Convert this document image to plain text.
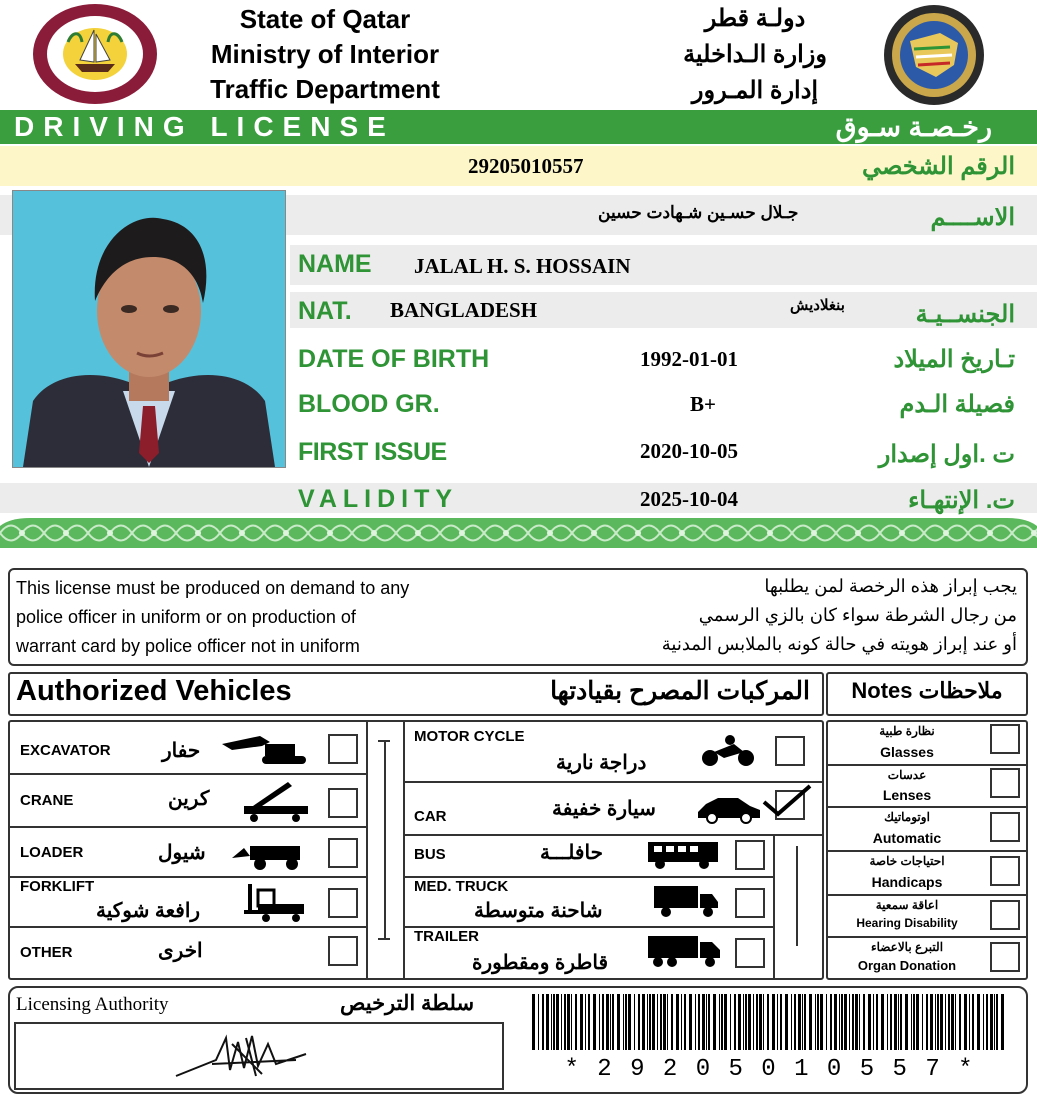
State of Qatar
Ministry of Interior
Traffic Department
دولـة قطر
وزارة الـداخلية
إدارة المـرور
DRIVING LICENSE	رخـصـة سـوق
29205010557	الرقم الشخصي
جـلال حسـين شـهادت حسين	الاســــم
NAME JALAL H. S. HOSSAIN
NAT. BANGLADESH	بنغلاديش	الجنســيـة
DATE OF BIRTH	1992-01-01	تـاريخ الميلاد
BLOOD GR.	B+	فصيلة الـدم
FIRST ISSUE	2020-10-05	ت .اول إصدار
VALIDITY	2025-10-04	ت. الإنتهـاء
This license must be produced on demand to any
police officer in uniform or on production of
warrant card by police officer not in uniform
يجب إبراز هذه الرخصة لمن يطلبها
من رجال الشرطة سواء كان بالزي الرسمي
أو عند إبراز هويته في حالة كونه بالملابس المدنية
Authorized Vehicles	المركبات المصرح بقيادتها	Notes ملاحظات
EXCAVATOR	حفار
CRANE	كرين
LOADER	شيول
FORKLIFT
رافعة شوكية
OTHER	اخرى
MOTOR CYCLE
دراجة نارية
CAR	سيارة خفيفة
BUS	حافلـــة
MED. TRUCK
شاحنة متوسطة
TRAILER
قاطرة ومقطورة
نظارة طبية
Glasses
عدسات
Lenses
اوتوماتيك
Automatic
احتياجات خاصة
Handicaps
اعاقة سمعية
Hearing Disability
التبرع بالاعضاء
Organ Donation
Licensing Authority	سلطة الترخيص
* 2 9 2 0 5 0 1 0 5 5 7 *
